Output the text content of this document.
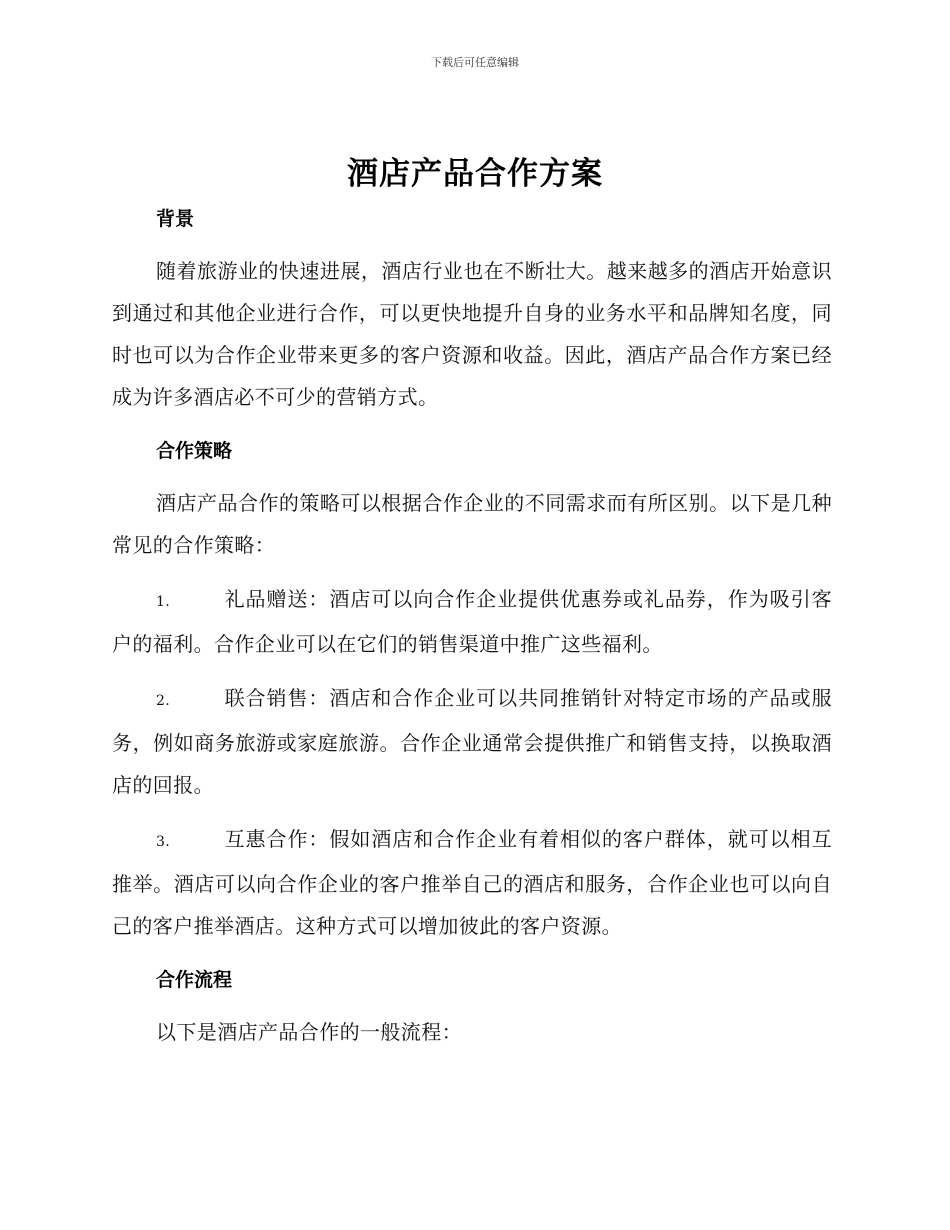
下载后可任意编辑
酒店产品合作方案
背景

随着旅游业的快速进展，酒店行业也在不断壮大。越来越多的酒店开始意识到通过和其他企业进行合作，可以更快地提升自身的业务水平和品牌知名度，同时也可以为合作企业带来更多的客户资源和收益。因此，酒店产品合作方案已经成为许多酒店必不可少的营销方式。

合作策略

酒店产品合作的策略可以根据合作企业的不同需求而有所区别。以下是几种常见的合作策略：

1.	礼品赠送：酒店可以向合作企业提供优惠券或礼品券，作为吸引客户的福利。合作企业可以在它们的销售渠道中推广这些福利。

2.	联合销售：酒店和合作企业可以共同推销针对特定市场的产品或服务，例如商务旅游或家庭旅游。合作企业通常会提供推广和销售支持，以换取酒店的回报。

3.	互惠合作：假如酒店和合作企业有着相似的客户群体，就可以相互推举。酒店可以向合作企业的客户推举自己的酒店和服务，合作企业也可以向自己的客户推举酒店。这种方式可以增加彼此的客户资源。

合作流程

以下是酒店产品合作的一般流程：
